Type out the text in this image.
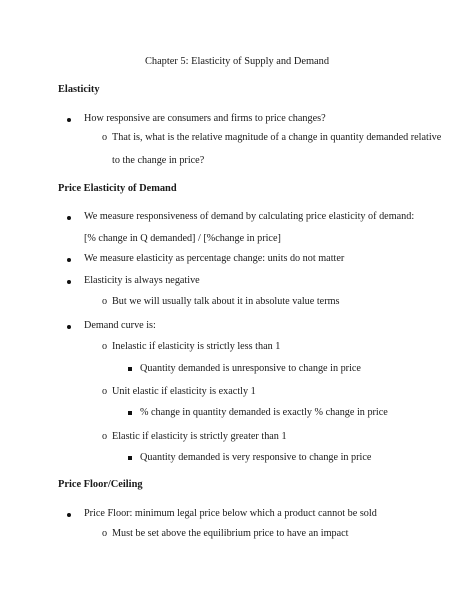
Chapter 5: Elasticity of Supply and Demand
Elasticity
How responsive are consumers and firms to price changes?
o That is, what is the relative magnitude of a change in quantity demanded relative
to the change in price?
Price Elasticity of Demand
We measure responsiveness of demand by calculating price elasticity of demand:
[% change in Q demanded] / [%change in price]
We measure elasticity as percentage change: units do not matter
Elasticity is always negative
o But we will usually talk about it in absolute value terms
Demand curve is:
o Inelastic if elasticity is strictly less than 1
Quantity demanded is unresponsive to change in price
o Unit elastic if elasticity is exactly 1
% change in quantity demanded is exactly % change in price
o Elastic if elasticity is strictly greater than 1
Quantity demanded is very responsive to change in price
Price Floor/Ceiling
Price Floor: minimum legal price below which a product cannot be sold
o Must be set above the equilibrium price to have an impact
